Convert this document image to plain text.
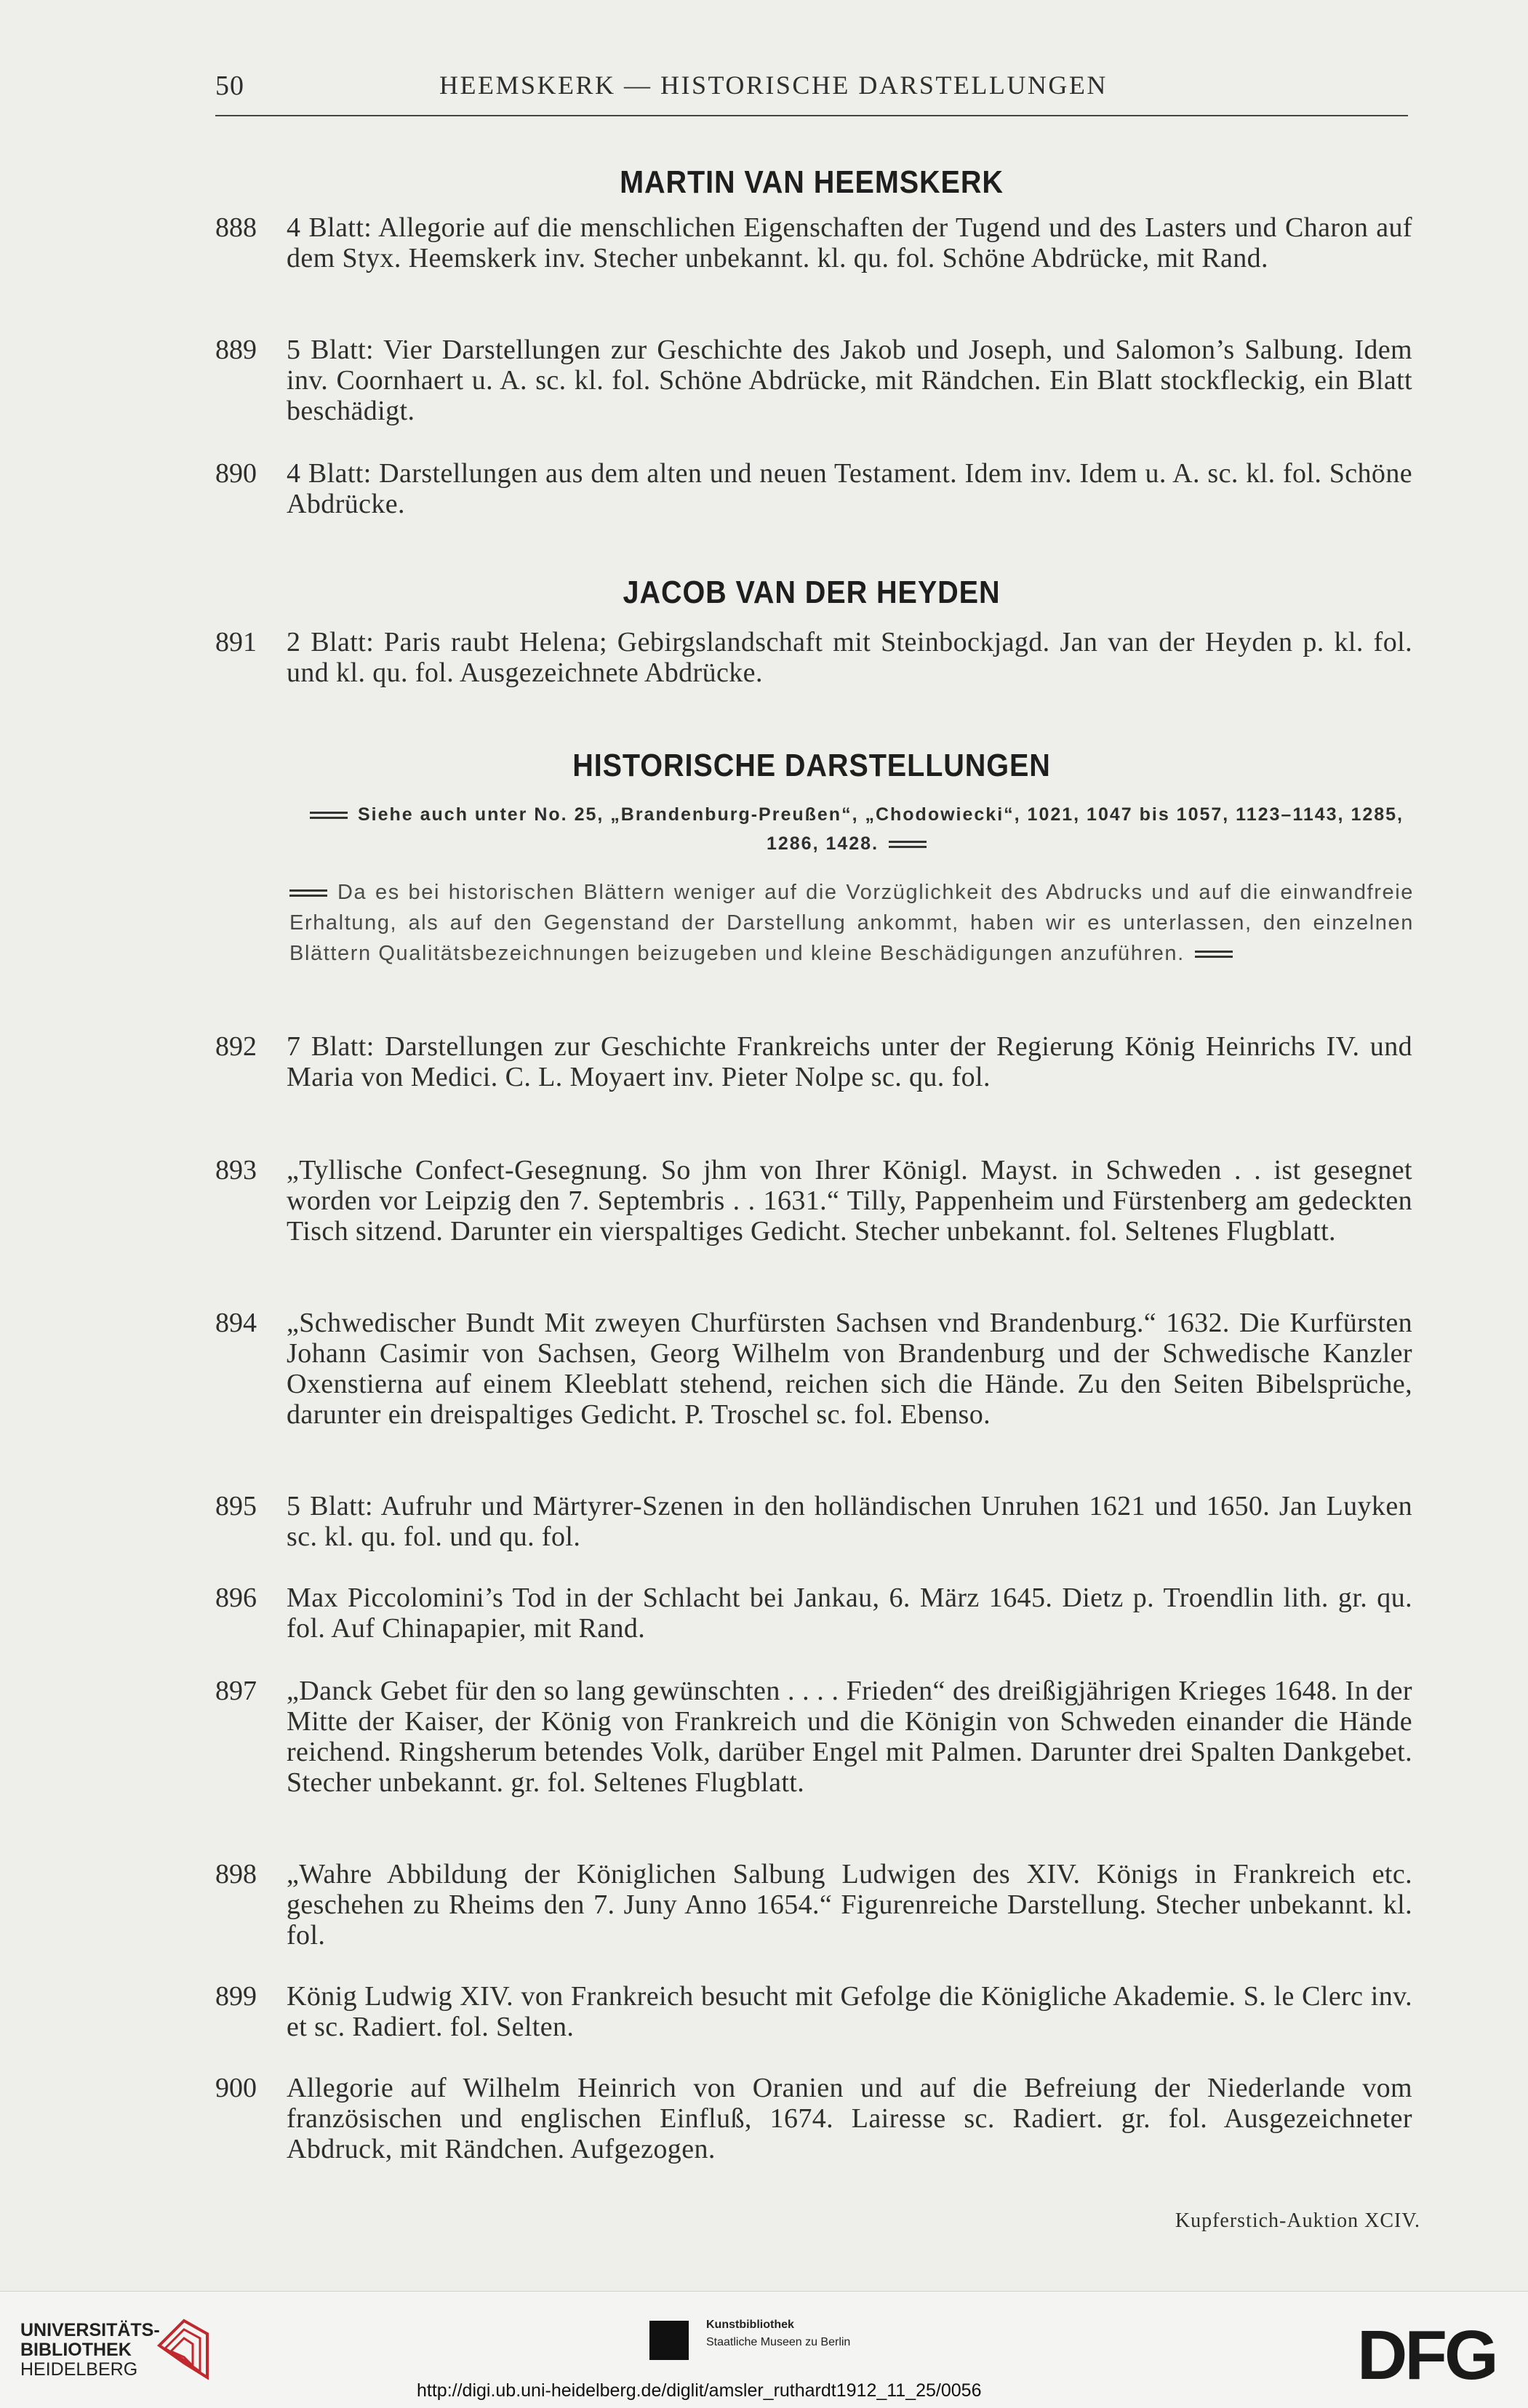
50	HEEMSKERK — HISTORISCHE DARSTELLUNGEN
MARTIN VAN HEEMSKERK
888 4 Blatt: Allegorie auf die menschlichen Eigenschaften der Tugend und des Lasters und Charon auf dem Styx. Heemskerk inv. Stecher unbekannt. kl. qu. fol. Schöne Abdrücke, mit Rand.
889 5 Blatt: Vier Darstellungen zur Geschichte des Jakob und Joseph, und Salomon’s Salbung. Idem inv. Coornhaert u. A. sc. kl. fol. Schöne Abdrücke, mit Rändchen. Ein Blatt stockfleckig, ein Blatt beschädigt.
890 4 Blatt: Darstellungen aus dem alten und neuen Testament. Idem inv. Idem u. A. sc. kl. fol. Schöne Abdrücke.
JACOB VAN DER HEYDEN
891 2 Blatt: Paris raubt Helena; Gebirgslandschaft mit Steinbockjagd. Jan van der Heyden p. kl. fol. und kl. qu. fol. Ausgezeichnete Abdrücke.
HISTORISCHE DARSTELLUNGEN
Siehe auch unter No. 25, „Brandenburg-Preußen“, „Chodowiecki“, 1021, 1047 bis 1057, 1123–1143, 1285, 1286, 1428.
Da es bei historischen Blättern weniger auf die Vorzüglichkeit des Abdrucks und auf die einwandfreie Erhaltung, als auf den Gegenstand der Darstellung ankommt, haben wir es unterlassen, den einzelnen Blättern Qualitätsbezeichnungen beizugeben und kleine Beschädigungen anzuführen.
892 7 Blatt: Darstellungen zur Geschichte Frankreichs unter der Regierung König Heinrichs IV. und Maria von Medici. C. L. Moyaert inv. Pieter Nolpe sc. qu. fol.
893 „Tyllische Confect-Gesegnung. So jhm von Ihrer Königl. Mayst. in Schweden . . ist gesegnet worden vor Leipzig den 7. Septembris . . 1631.“ Tilly, Pappenheim und Fürstenberg am gedeckten Tisch sitzend. Darunter ein vierspaltiges Gedicht. Stecher unbekannt. fol. Seltenes Flugblatt.
894 „Schwedischer Bundt Mit zweyen Churfürsten Sachsen vnd Brandenburg.“ 1632. Die Kurfürsten Johann Casimir von Sachsen, Georg Wilhelm von Brandenburg und der Schwedische Kanzler Oxenstierna auf einem Kleeblatt stehend, reichen sich die Hände. Zu den Seiten Bibelsprüche, darunter ein dreispaltiges Gedicht. P. Troschel sc. fol. Ebenso.
895 5 Blatt: Aufruhr und Märtyrer-Szenen in den holländischen Unruhen 1621 und 1650. Jan Luyken sc. kl. qu. fol. und qu. fol.
896 Max Piccolomini’s Tod in der Schlacht bei Jankau, 6. März 1645. Dietz p. Troendlin lith. gr. qu. fol. Auf Chinapapier, mit Rand.
897 „Danck Gebet für den so lang gewünschten . . . . Frieden“ des dreißigjährigen Krieges 1648. In der Mitte der Kaiser, der König von Frankreich und die Königin von Schweden einander die Hände reichend. Ringsherum betendes Volk, darüber Engel mit Palmen. Darunter drei Spalten Dankgebet. Stecher unbekannt. gr. fol. Seltenes Flugblatt.
898 „Wahre Abbildung der Königlichen Salbung Ludwigen des XIV. Königs in Frankreich etc. geschehen zu Rheims den 7. Juny Anno 1654.“ Figurenreiche Darstellung. Stecher unbekannt. kl. fol.
899 König Ludwig XIV. von Frankreich besucht mit Gefolge die Königliche Akademie. S. le Clerc inv. et sc. Radiert. fol. Selten.
900 Allegorie auf Wilhelm Heinrich von Oranien und auf die Befreiung der Niederlande vom französischen und englischen Einfluß, 1674. Lairesse sc. Radiert. gr. fol. Ausgezeichneter Abdruck, mit Rändchen. Aufgezogen.
Kupferstich-Auktion XCIV.
UNIVERSITÄTS-
BIBLIOTHEK
HEIDELBERG
Kunstbibliothek
Staatliche Museen zu Berlin	DFG
http://digi.ub.uni-heidelberg.de/diglit/amsler_ruthardt1912_11_25/0056
